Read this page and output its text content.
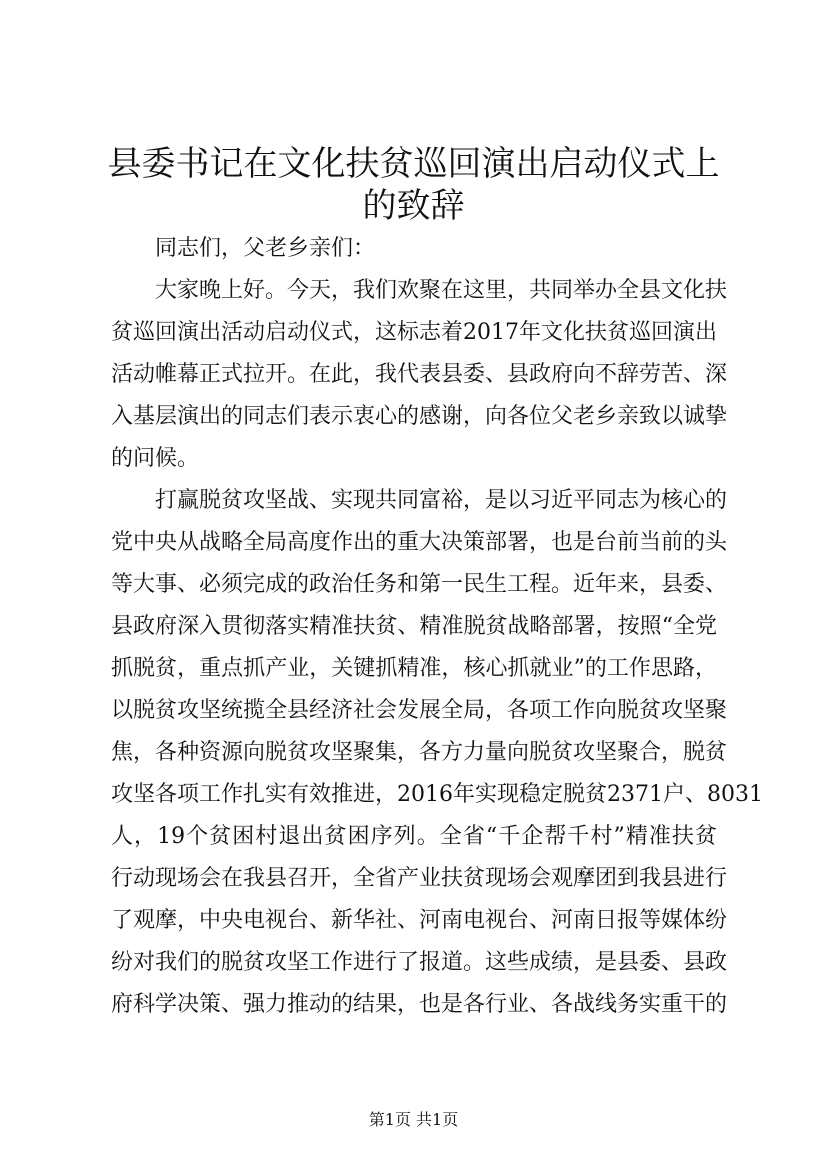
县委书记在文化扶贫巡回演出启动仪式上的致辞
同志们，父老乡亲们：
大家晚上好。今天，我们欢聚在这里，共同举办全县文化扶
贫巡回演出活动启动仪式，这标志着2017年文化扶贫巡回演出
活动帷幕正式拉开。在此，我代表县委、县政府向不辞劳苦、深
入基层演出的同志们表示衷心的感谢，向各位父老乡亲致以诚挚
的问候。
打赢脱贫攻坚战、实现共同富裕，是以习近平同志为核心的
党中央从战略全局高度作出的重大决策部署，也是台前当前的头
等大事、必须完成的政治任务和第一民生工程。近年来，县委、
县政府深入贯彻落实精准扶贫、精准脱贫战略部署，按照“全党
抓脱贫，重点抓产业，关键抓精准，核心抓就业”的工作思路，
以脱贫攻坚统揽全县经济社会发展全局，各项工作向脱贫攻坚聚
焦，各种资源向脱贫攻坚聚集，各方力量向脱贫攻坚聚合，脱贫
攻坚各项工作扎实有效推进，2016年实现稳定脱贫2371户、8031
人，19个贫困村退出贫困序列。全省“千企帮千村”精准扶贫
行动现场会在我县召开，全省产业扶贫现场会观摩团到我县进行
了观摩，中央电视台、新华社、河南电视台、河南日报等媒体纷
纷对我们的脱贫攻坚工作进行了报道。这些成绩，是县委、县政
府科学决策、强力推动的结果，也是各行业、各战线务实重干的
第1页 共1页
